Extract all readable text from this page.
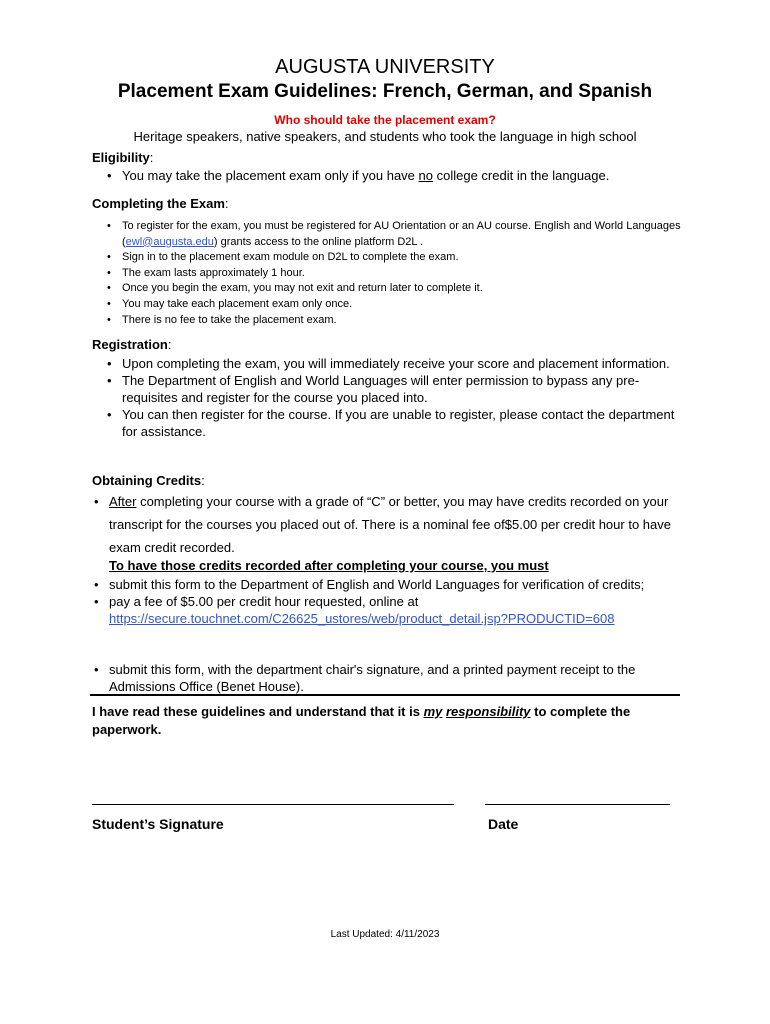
AUGUSTA UNIVERSITY
Placement Exam Guidelines: French, German, and Spanish
Who should take the placement exam?
Heritage speakers, native speakers, and students who took the language in high school
Eligibility:
• You may take the placement exam only if you have no college credit in the language.
Completing the Exam:
• To register for the exam, you must be registered for AU Orientation or an AU course. English and World Languages (ewl@augusta.edu) grants access to the online platform D2L .
• Sign in to the placement exam module on D2L to complete the exam.
• The exam lasts approximately 1 hour.
• Once you begin the exam, you may not exit and return later to complete it.
• You may take each placement exam only once.
• There is no fee to take the placement exam.
Registration:
• Upon completing the exam, you will immediately receive your score and placement information.
• The Department of English and World Languages will enter permission to bypass any pre-requisites and register for the course you placed into.
• You can then register for the course. If you are unable to register, please contact the department for assistance.
Obtaining Credits:
• After completing your course with a grade of “C” or better, you may have credits recorded on your transcript for the courses you placed out of. There is a nominal fee of$5.00 per credit hour to have exam credit recorded.
To have those credits recorded after completing your course, you must
• submit this form to the Department of English and World Languages for verification of credits;
• pay a fee of $5.00 per credit hour requested, online at
https://secure.touchnet.com/C26625_ustores/web/product_detail.jsp?PRODUCTID=608
• submit this form, with the department chair's signature, and a printed payment receipt to the Admissions Office (Benet House).
I have read these guidelines and understand that it is my responsibility to complete the paperwork.
Student’s Signature	Date
Last Updated: 4/11/2023
